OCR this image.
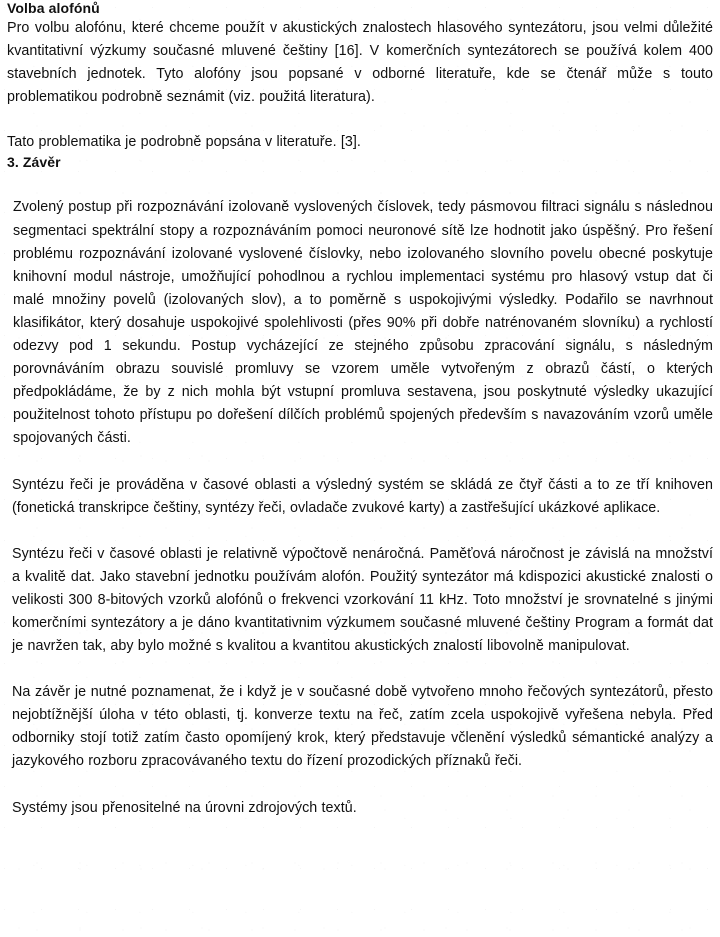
Volba alofónů

Pro volbu alofónu, které chceme použít v akustických znalostech hlasového syntezátoru, jsou velmi důležité kvantitativní výzkumy současné mluvené češtiny [16]. V komerčních syntezátorech se používá kolem 400 stavebních jednotek. Tyto alofóny jsou popsané v odborné literatuře, kde se čtenář může s touto problematikou podrobně seznámit (viz. použitá literatura).

Tato problematika je podrobně popsána v literatuře. [3].

3. Závěr

Zvolený postup při rozpoznávání izolovaně vyslovených číslovek, tedy pásmovou filtraci signálu s následnou segmentaci spektrální stopy a rozpoznáváním pomoci neuronové sítě lze hodnotit jako úspěšný. Pro řešení problému rozpoznávání izolované vyslovené číslovky, nebo izolovaného slovního povelu obecné poskytuje knihovní modul nástroje, umožňující pohodlnou a rychlou implementaci systému pro hlasový vstup dat či malé množiny povelů (izolovaných slov), a to poměrně s uspokojivými výsledky. Podařilo se navrhnout klasifikátor, který dosahuje uspokojivé spolehlivosti (přes 90% při dobře natrénovaném slovníku) a rychlostí odezvy pod 1 sekundu. Postup vycházející ze stejného způsobu zpracování signálu, s následným porovnáváním obrazu souvislé promluvy se vzorem uměle vytvořeným z obrazů částí, o kterých předpokládáme, že by z nich mohla být vstupní promluva sestavena, jsou poskytnuté výsledky ukazující použitelnost tohoto přístupu po dořešení dílčích problémů spojených především s navazováním vzorů uměle spojovaných části.

Syntézu řeči je prováděna v časové oblasti a výsledný systém se skládá ze čtyř části a to ze tří knihoven (fonetická transkripce češtiny, syntézy řeči, ovladače zvukové karty) a zastřešující ukázkové aplikace.

Syntézu řeči v časové oblasti je relativně výpočtově nenáročná. Paměťová náročnost je závislá na množství a kvalitě dat. Jako stavební jednotku používám alofón. Použitý syntezátor má kdispozici akustické znalosti o velikosti 300 8-bitových vzorků alofónů o frekvenci vzorkování 11 kHz. Toto množství je srovnatelné s jinými komerčními syntezátory a je dáno kvantitativnim výzkumem současné mluvené češtiny Program a formát dat je navržen tak, aby bylo možné s kvalitou a kvantitou akustických znalostí libovolně manipulovat.

Na závěr je nutné poznamenat, že i když je v současné době vytvořeno mnoho řečových syntezátorů, přesto nejobtížnější úloha v této oblasti, tj. konverze textu na řeč, zatím zcela uspokojivě vyřešena nebyla. Před odborniky stojí totiž zatím často opomíjený krok, který představuje včlenění výsledků sémantické analýzy a jazykového rozboru zpracovávaného textu do řízení prozodických příznaků řeči.

Systémy jsou přenositelné na úrovni zdrojových textů.
